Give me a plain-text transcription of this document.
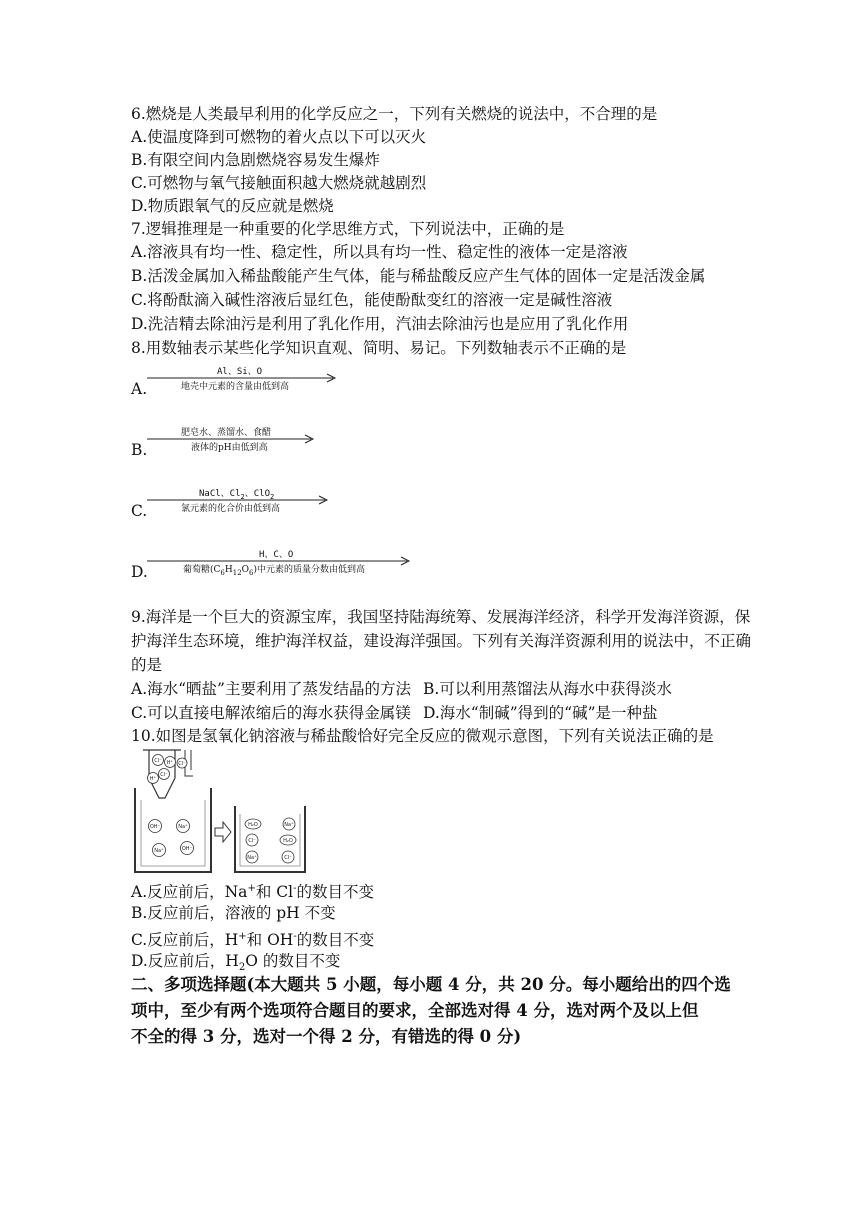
6.燃烧是人类最早利用的化学反应之一，下列有关燃烧的说法中，不合理的是
A.使温度降到可燃物的着火点以下可以灭火
B.有限空间内急剧燃烧容易发生爆炸
C.可燃物与氧气接触面积越大燃烧就越剧烈
D.物质跟氧气的反应就是燃烧
7.逻辑推理是一种重要的化学思维方式，下列说法中，正确的是
A.溶液具有均一性、稳定性，所以具有均一性、稳定性的液体一定是溶液
B.活泼金属加入稀盐酸能产生气体，能与稀盐酸反应产生气体的固体一定是活泼金属
C.将酚酞滴入碱性溶液后显红色，能使酚酞变红的溶液一定是碱性溶液
D.洗洁精去除油污是利用了乳化作用，汽油去除油污也是应用了乳化作用
8.用数轴表示某些化学知识直观、简明、易记。下列数轴表示不正确的是
A.
Al、Si、O
地壳中元素的含量由低到高
B.
肥皂水、蒸馏水、食醋
液体的pH由低到高
C.
NaCl、$Cl_2$、ClO$_2$
氯元素的化合价由低到高
D.
H、C、O
葡萄糖$(C_6H_{12}O_6)$中元素的质量分数由低到高
9.海洋是一个巨大的资源宝库，我国坚持陆海统筹、发展海洋经济，科学开发海洋资源，保
护海洋生态环境，维护海洋权益，建设海洋强国。下列有关海洋资源利用的说法中，不正确
的是
A.海水“晒盐”主要利用了蒸发结晶的方法 B.可以利用蒸馏法从海水中获得淡水
C.可以直接电解浓缩后的海水获得金属镁 D.海水“制碱”得到的“碱”是一种盐
10.如图是氢氧化钠溶液与稀盐酸恰好完全反应的微观示意图，下列有关说法正确的是
Cl⁻ H⁺
Cl⁻
H⁺
Cl⁻
OH⁻	Na⁺
Na⁺	OH⁻
H₂O	Na⁺
Cl⁻	H₂O
Na⁺	Cl⁻
A.反应前后，Na+和 Cl-的数目不变
B.反应前后，溶液的 pH 不变
C.反应前后，H+和 OH-的数目不变
D.反应前后，$H_2O$ 的数目不变
二、多项选择题(本大题共 5 小题，每小题 4 分，共 20 分。每小题给出的四个选
项中，至少有两个选项符合题目的要求，全部选对得 4 分，选对两个及以上但
不全的得 3 分，选对一个得 2 分，有错选的得 0 分)
